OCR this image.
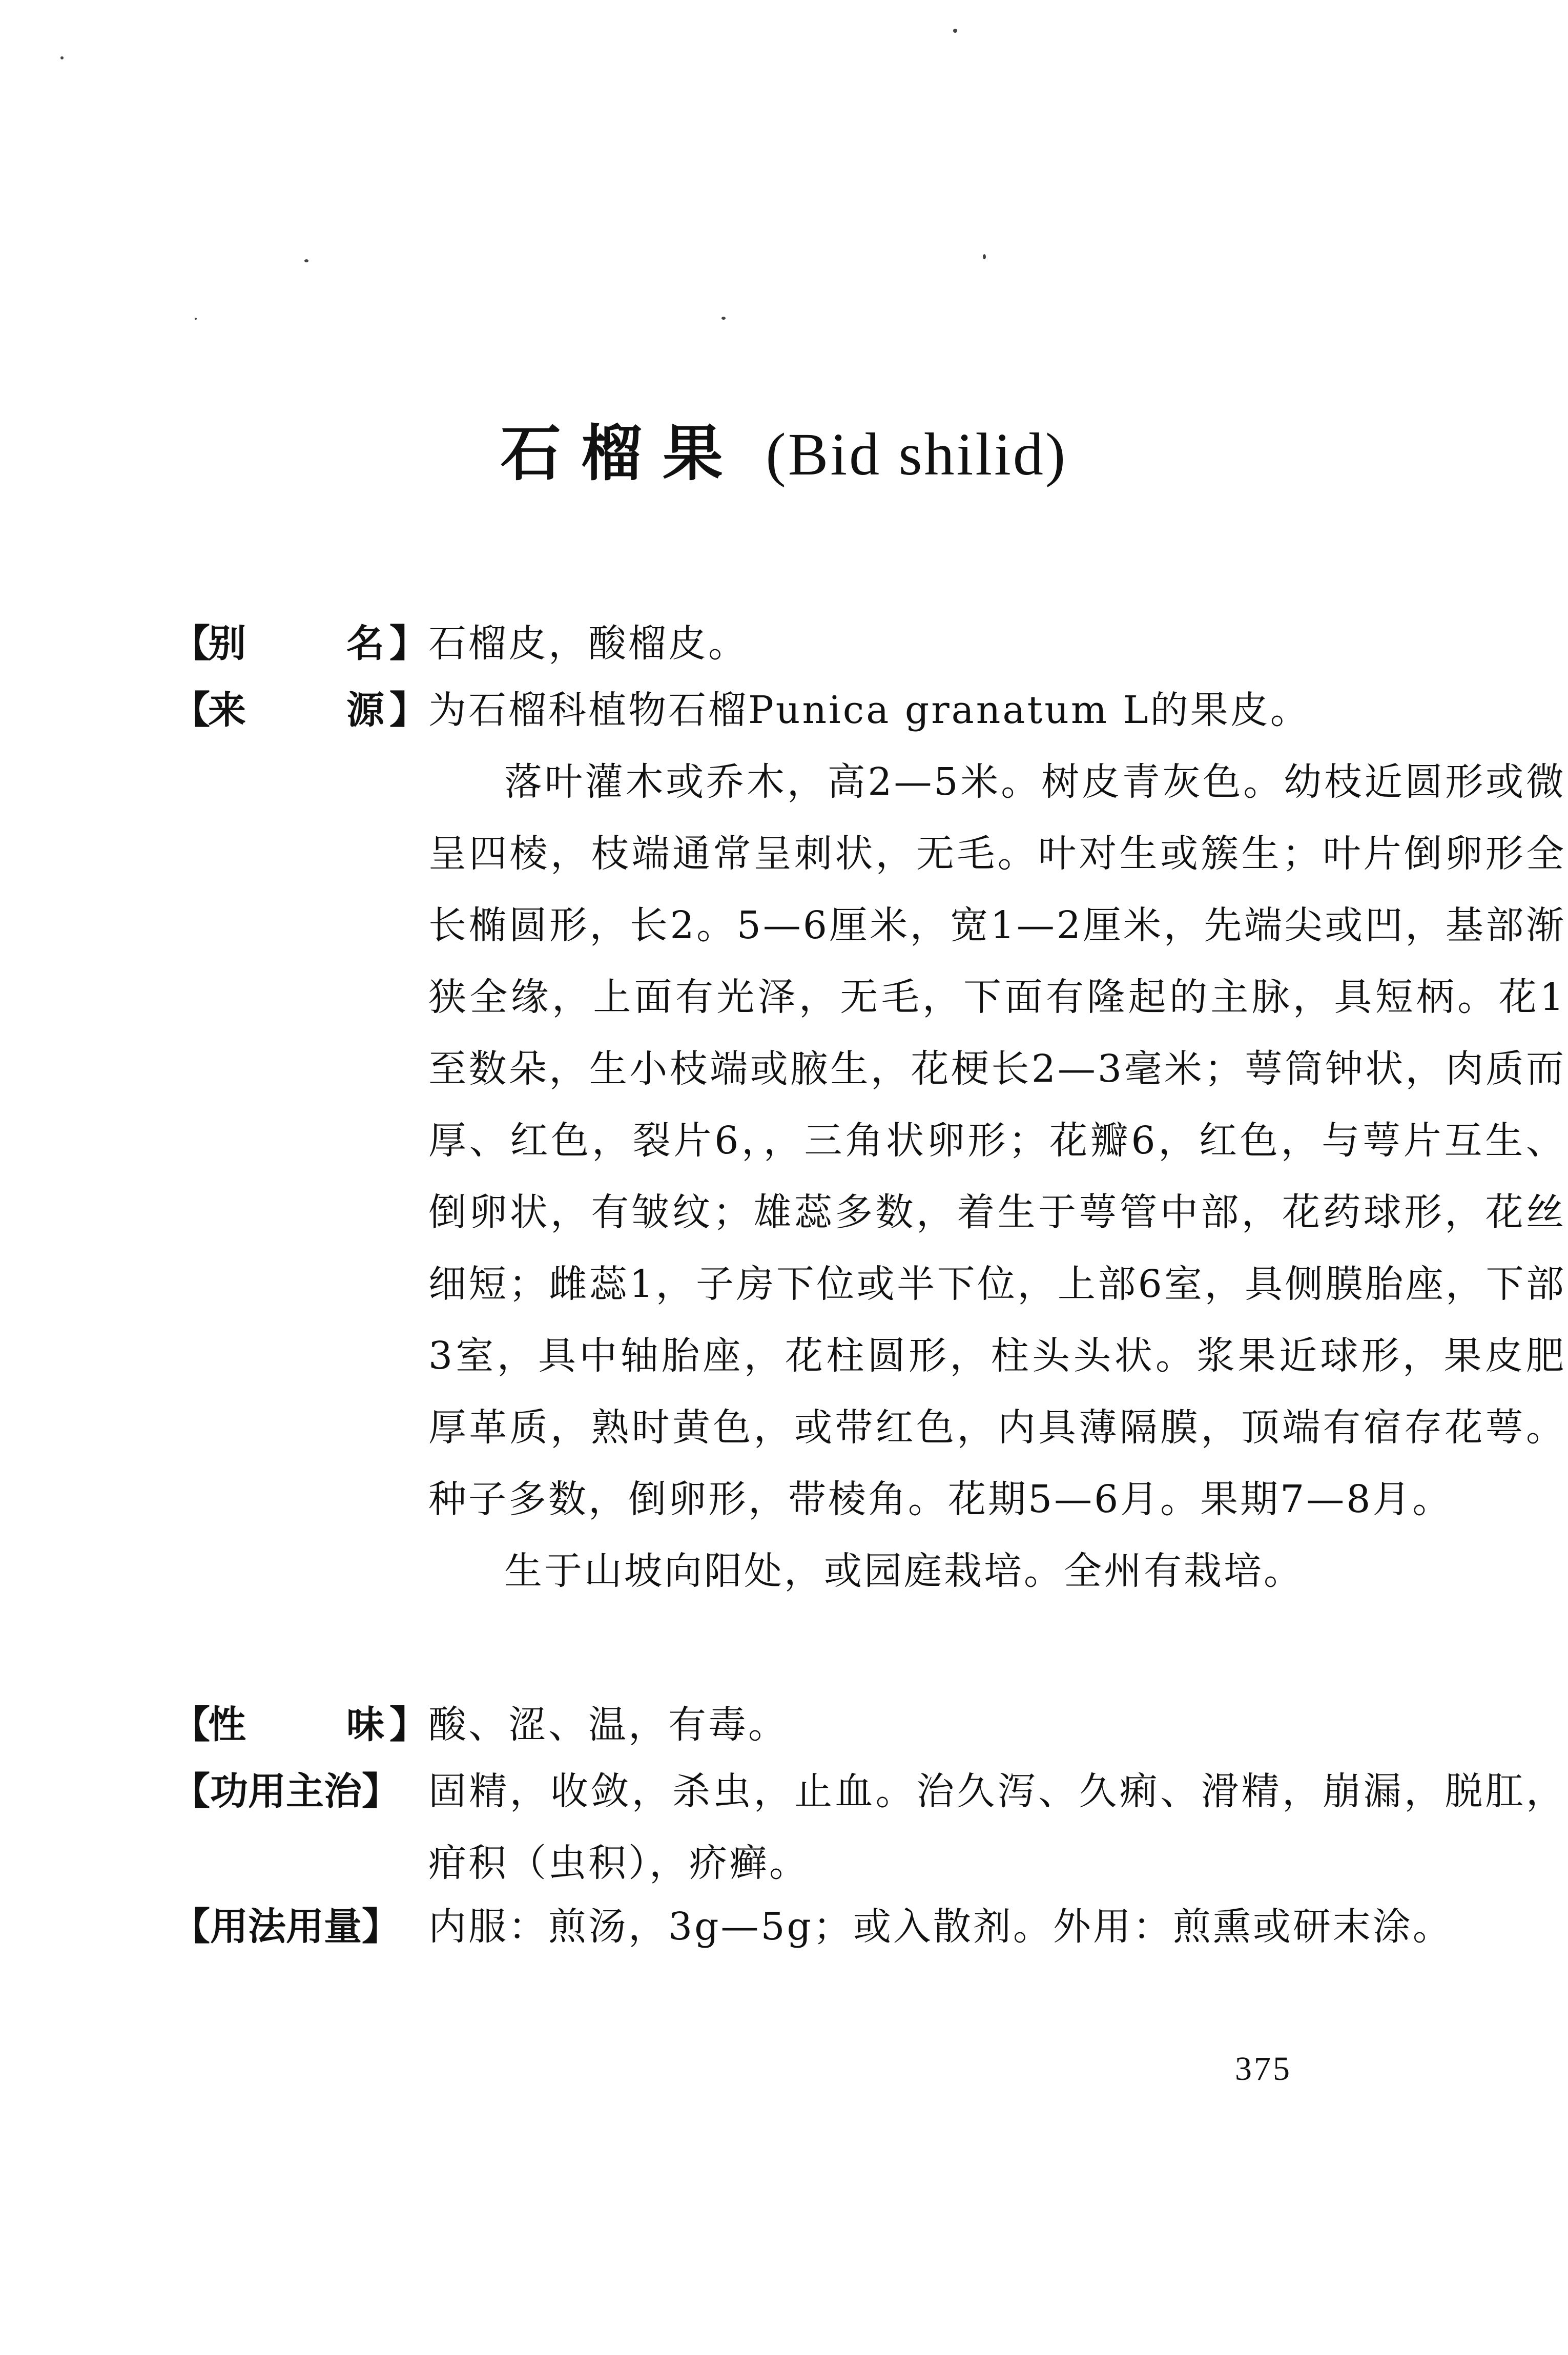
石榴果 (Bid shilid)
【
别	名 】 石榴皮，酸榴皮。

【
来	源 】 为石榴科植物石榴Punica granatum L的果皮。

落叶灌木或乔木，高2—5米。树皮青灰色。幼枝近圆形或微呈四棱，枝端通常呈刺状，无毛。叶对生或簇生；叶片倒卵形全长椭圆形，长2。5—6厘米，宽1—2厘米，先端尖或凹，基部渐狭全缘，上面有光泽，无毛，下面有隆起的主脉，具短柄。花1至数朵，生小枝端或腋生，花梗长2—3毫米；萼筒钟状，肉质而厚、红色，裂片6，，三角状卵形；花瓣6，红色，与萼片互生、倒卵状，有皱纹；雄蕊多数，着生于萼管中部，花药球形，花丝细短；雌蕊1，子房下位或半下位，上部6室，具侧膜胎座，下部3室，具中轴胎座，花柱圆形，柱头头状。浆果近球形，果皮肥厚革质，熟时黄色，或带红色，内具薄隔膜，顶端有宿存花萼。种子多数，倒卵形，带棱角。花期5—6月。果期7—8月。

生于山坡向阳处，或园庭栽培。全州有栽培。

【
性	味 】 酸、涩、温，有毒。

【功用主治】 固精，收敛，杀虫，止血。治久泻、久痢、滑精，崩漏，脱肛，疳积（虫积），疥癣。

【用法用量】 内服：煎汤，3g—5g；或入散剂。外用：煎熏或研末涂。

375
